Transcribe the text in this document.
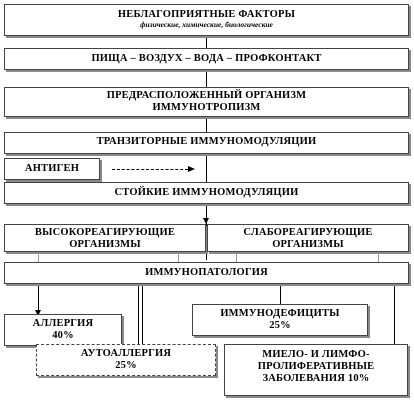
НЕБЛАГОПРИЯТНЫЕ ФАКТОРЫ
физические, химические, биологические
ПИЩА – ВОЗДУХ – ВОДА – ПРОФКОНТАКТ
ПРЕДРАСПОЛОЖЕННЫЙ ОРГАНИЗМ
ИММУНОТРОПИЗМ
ТРАНЗИТОРНЫЕ ИММУНОМОДУЛЯЦИИ
АНТИГЕН
СТОЙКИЕ ИММУНОМОДУЛЯЦИИ
ВЫСОКОРЕАГИРУЮЩИЕ
ОРГАНИЗМЫ
СЛАБОРЕАГИРУЮЩИЕ
ОРГАНИЗМЫ
ИММУНОПАТОЛОГИЯ
АЛЛЕРГИЯ
40%
ИММУНОДЕФИЦИТЫ
25%
АУТОАЛЛЕРГИЯ
25%
МИЕЛО- И ЛИМФО-
ПРОЛИФЕРАТИВНЫЕ
ЗАБОЛЕВАНИЯ 10%
